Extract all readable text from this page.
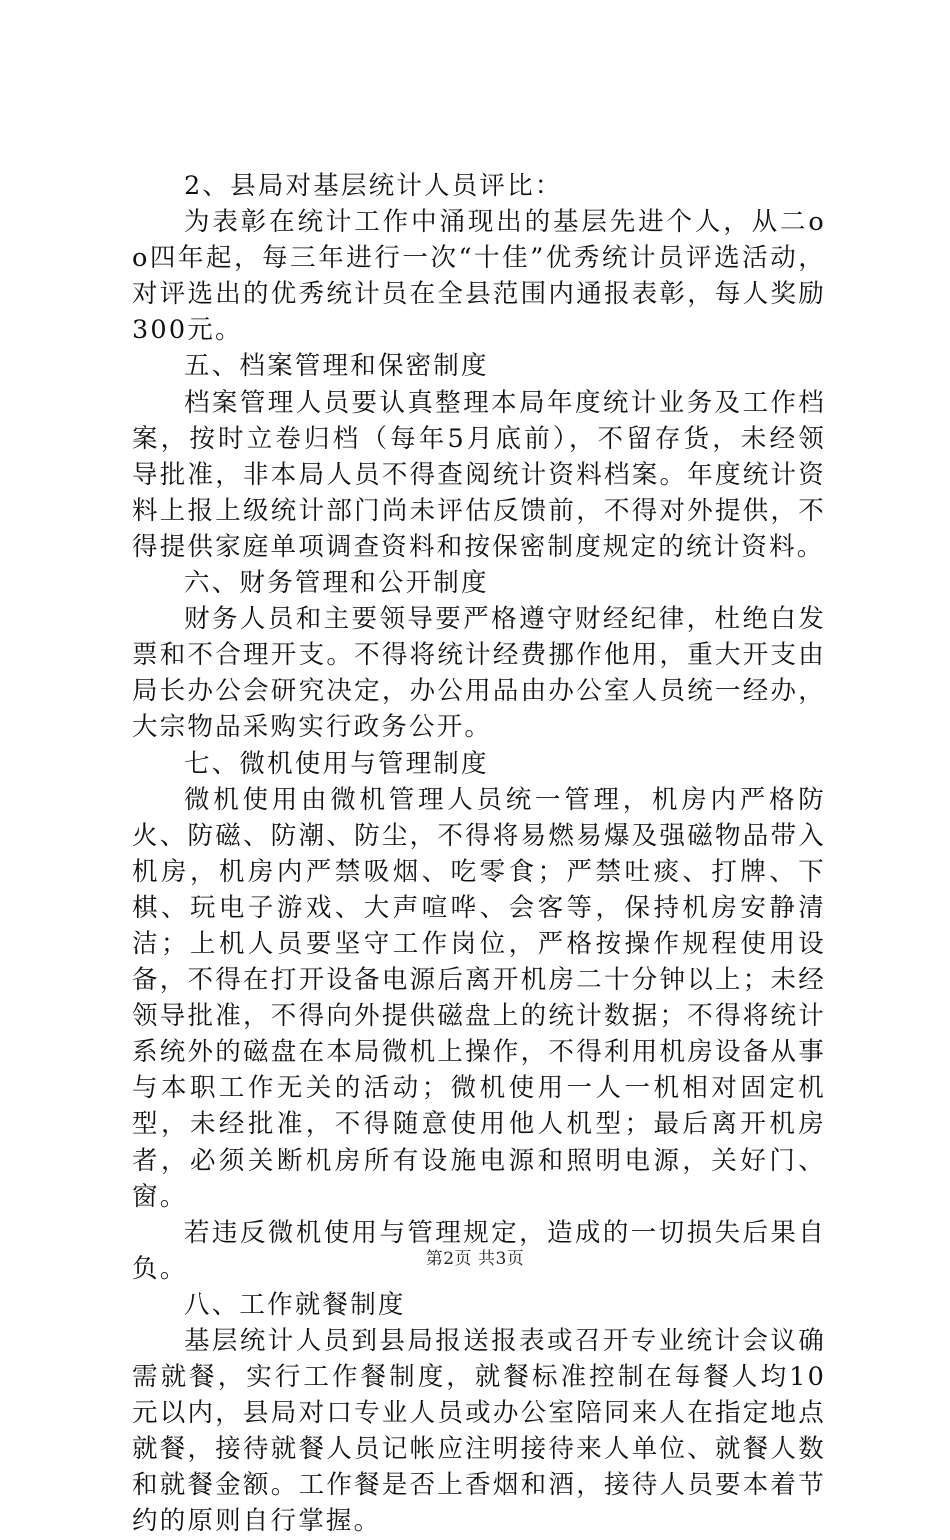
2、县局对基层统计人员评比：

为表彰在统计工作中涌现出的基层先进个人，从二oo四年起，每三年进行一次“十佳”优秀统计员评选活动，对评选出的优秀统计员在全县范围内通报表彰，每人奖励300元。

五、档案管理和保密制度

档案管理人员要认真整理本局年度统计业务及工作档案，按时立卷归档（每年5月底前），不留存货，未经领导批准，非本局人员不得查阅统计资料档案。年度统计资料上报上级统计部门尚未评估反馈前，不得对外提供，不得提供家庭单项调查资料和按保密制度规定的统计资料。

六、财务管理和公开制度

财务人员和主要领导要严格遵守财经纪律，杜绝白发票和不合理开支。不得将统计经费挪作他用，重大开支由局长办公会研究决定，办公用品由办公室人员统一经办，大宗物品采购实行政务公开。

七、微机使用与管理制度

微机使用由微机管理人员统一管理，机房内严格防火、防磁、防潮、防尘，不得将易燃易爆及强磁物品带入机房，机房内严禁吸烟、吃零食；严禁吐痰、打牌、下棋、玩电子游戏、大声喧哗、会客等，保持机房安静清洁；上机人员要坚守工作岗位，严格按操作规程使用设备，不得在打开设备电源后离开机房二十分钟以上；未经领导批准，不得向外提供磁盘上的统计数据；不得将统计系统外的磁盘在本局微机上操作，不得利用机房设备从事与本职工作无关的活动；微机使用一人一机相对固定机型，未经批准，不得随意使用他人机型；最后离开机房者，必须关断机房所有设施电源和照明电源，关好门、窗。

若违反微机使用与管理规定，造成的一切损失后果自负。

八、工作就餐制度

基层统计人员到县局报送报表或召开专业统计会议确需就餐，实行工作餐制度，就餐标准控制在每餐人均10元以内，县局对口专业人员或办公室陪同来人在指定地点就餐，接待就餐人员记帐应注明接待来人单位、就餐人数和就餐金额。工作餐是否上香烟和酒，接待人员要本着节约的原则自行掌握。

第2页 共3页
